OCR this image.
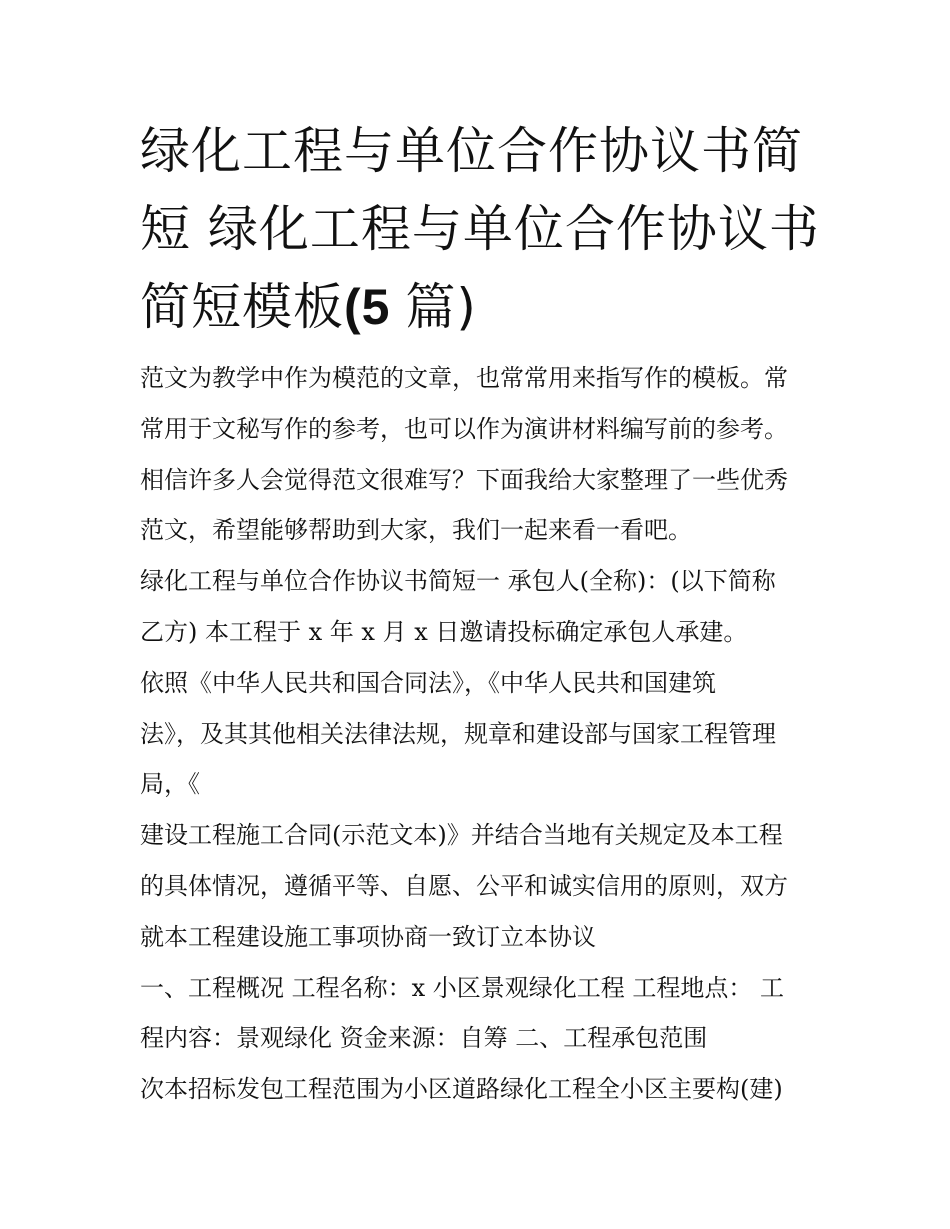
绿化工程与单位合作协议书简
短 绿化工程与单位合作协议书
简短模板(5 篇)
范文为教学中作为模范的文章，也常常用来指写作的模板。常
常用于文秘写作的参考，也可以作为演讲材料编写前的参考。
相信许多人会觉得范文很难写？下面我给大家整理了一些优秀
范文，希望能够帮助到大家，我们一起来看一看吧。
绿化工程与单位合作协议书简短一 承包人(全称)：(以下简称
乙方) 本工程于 x 年 x 月 x 日邀请投标确定承包人承建。
依照《中华人民共和国合同法》，《中华人民共和国建筑
法》，及其其他相关法律法规，规章和建设部与国家工程管理
局，《
建设工程施工合同(示范文本)》并结合当地有关规定及本工程
的具体情况，遵循平等、自愿、公平和诚实信用的原则，双方
就本工程建设施工事项协商一致订立本协议
一、工程概况 工程名称：x 小区景观绿化工程 工程地点： 工
程内容：景观绿化 资金来源：自筹 二、工程承包范围
次本招标发包工程范围为小区道路绿化工程全小区主要构(建)
